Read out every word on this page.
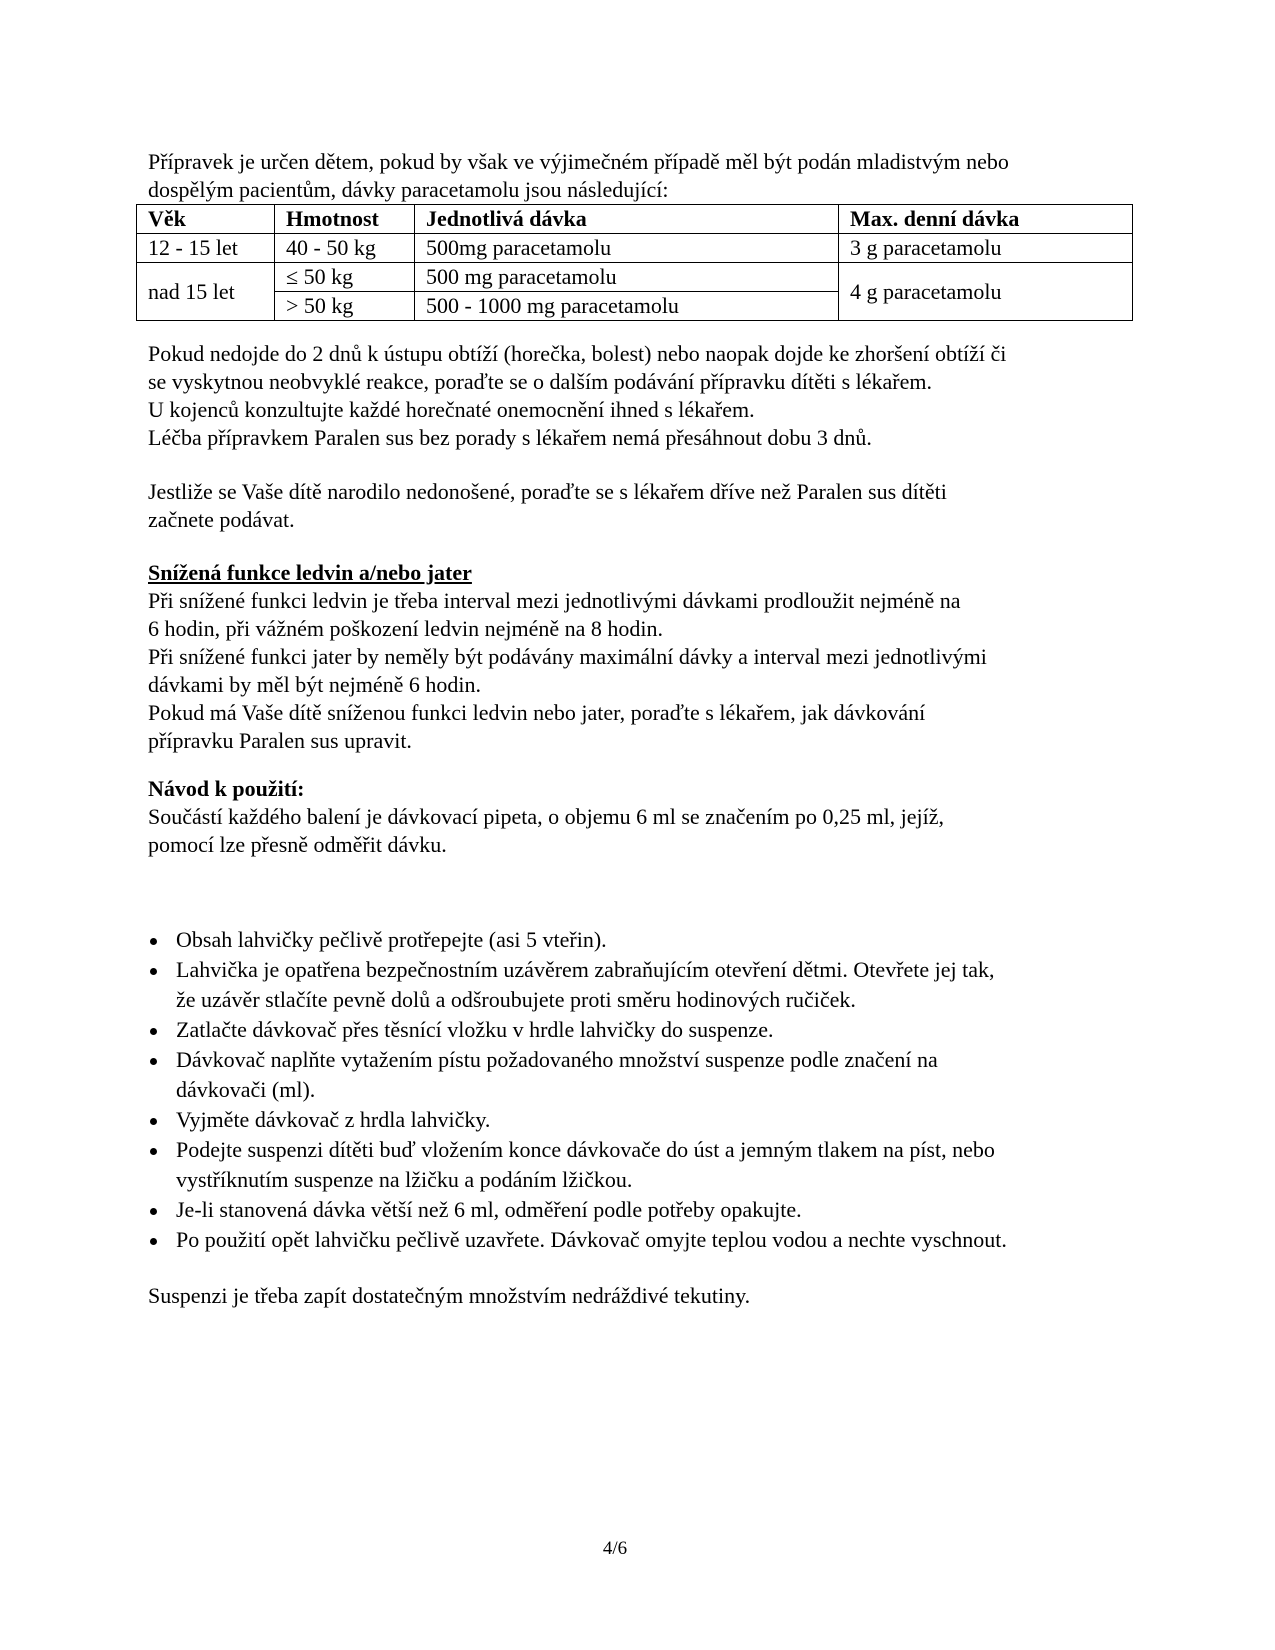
Přípravek je určen dětem, pokud by však ve výjimečném případě měl být podán mladistvým nebo
dospělým pacientům, dávky paracetamolu jsou následující:
Věk	Hmotnost	Jednotlivá dávka	Max. denní dávka
12 - 15 let	40 - 50 kg	500mg paracetamolu	3 g paracetamolu
nad 15 let	≤ 50 kg	500 mg paracetamolu	4 g paracetamolu
	> 50 kg	500 - 1000 mg paracetamolu	
Pokud nedojde do 2 dnů k ústupu obtíží (horečka, bolest) nebo naopak dojde ke zhoršení obtíží či
se vyskytnou neobvyklé reakce, poraďte se o dalším podávání přípravku dítěti s lékařem.
U kojenců konzultujte každé horečnaté onemocnění ihned s lékařem.
Léčba přípravkem Paralen sus bez porady s lékařem nemá přesáhnout dobu 3 dnů.
Jestliže se Vaše dítě narodilo nedonošené, poraďte se s lékařem dříve než Paralen sus dítěti
začnete podávat.
Snížená funkce ledvin a/nebo jater
Při snížené funkci ledvin je třeba interval mezi jednotlivými dávkami prodloužit nejméně na
6 hodin, při vážném poškození ledvin nejméně na 8 hodin.
Při snížené funkci jater by neměly být podávány maximální dávky a interval mezi jednotlivými
dávkami by měl být nejméně 6 hodin.
Pokud má Vaše dítě sníženou funkci ledvin nebo jater, poraďte s lékařem, jak dávkování
přípravku Paralen sus upravit.
Návod k použití:
Součástí každého balení je dávkovací pipeta, o objemu 6 ml se značením po 0,25 ml, jejíž,
pomocí lze přesně odměřit dávku.
Obsah lahvičky pečlivě protřepejte (asi 5 vteřin).
Lahvička je opatřena bezpečnostním uzávěrem zabraňujícím otevření dětmi. Otevřete jej tak,
že uzávěr stlačíte pevně dolů a odšroubujete proti směru hodinových ručiček.
Zatlačte dávkovač přes těsnící vložku v hrdle lahvičky do suspenze.
Dávkovač naplňte vytažením pístu požadovaného množství suspenze podle značení na
dávkovači (ml).
Vyjměte dávkovač z hrdla lahvičky.
Podejte suspenzi dítěti buď vložením konce dávkovače do úst a jemným tlakem na píst, nebo
vystříknutím suspenze na lžičku a podáním lžičkou.
Je-li stanovená dávka větší než 6 ml, odměření podle potřeby opakujte.
Po použití opět lahvičku pečlivě uzavřete. Dávkovač omyjte teplou vodou a nechte vyschnout.
Suspenzi je třeba zapít dostatečným množstvím nedráždivé tekutiny.
4/6
